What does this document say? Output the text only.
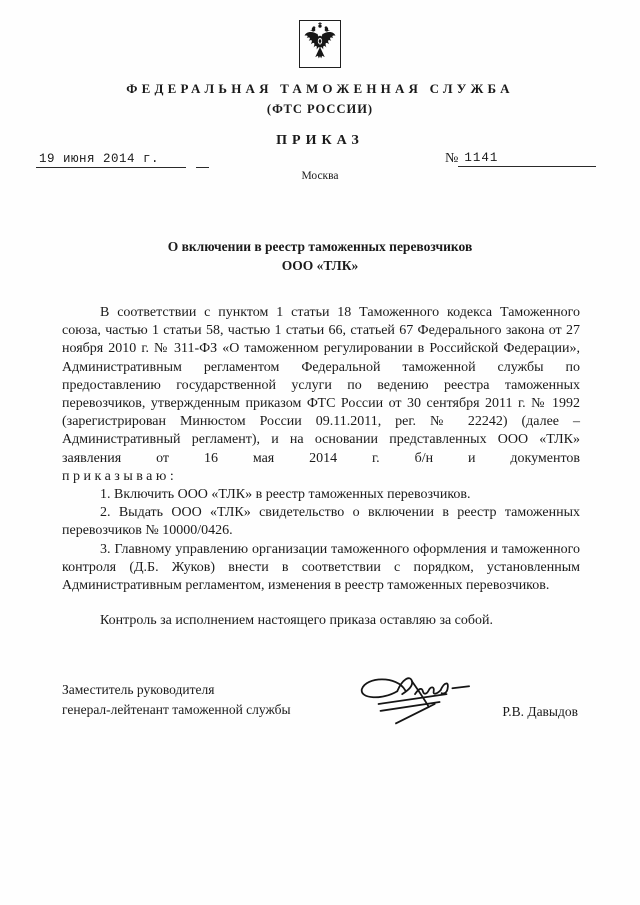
ФЕДЕРАЛЬНАЯ ТАМОЖЕННАЯ СЛУЖБА
(ФТС РОССИИ)
ПРИКАЗ
19 июня 2014 г.	№ 1141
Москва
О включении в реестр таможенных перевозчиков
ООО «ТЛК»

В соответствии с пунктом 1 статьи 18 Таможенного кодекса Таможенного союза, частью 1 статьи 58, частью 1 статьи 66, статьей 67 Федерального закона от 27 ноября 2010 г. № 311-ФЗ «О таможенном регулировании в Российской Федерации», Административным регламентом Федеральной таможенной службы по предоставлению государственной услуги по ведению реестра таможенных перевозчиков, утвержденным приказом ФТС России от 30 сентября 2011 г. № 1992 (зарегистрирован Минюстом России 09.11.2011, рег. № 22242) (далее – Административный регламент), и на основании представленных ООО «ТЛК» заявления от 16 мая 2014 г. б/н и документов

приказываю:

1. Включить ООО «ТЛК» в реестр таможенных перевозчиков.

2. Выдать ООО «ТЛК» свидетельство о включении в реестр таможенных перевозчиков № 10000/0426.

3. Главному управлению организации таможенного оформления и таможенного контроля (Д.Б. Жуков) внести в соответствии с порядком, установленным Административным регламентом, изменения в реестр таможенных перевозчиков.

Контроль за исполнением настоящего приказа оставляю за собой.

Заместитель руководителя
генерал-лейтенант таможенной службы	Р.В. Давыдов
